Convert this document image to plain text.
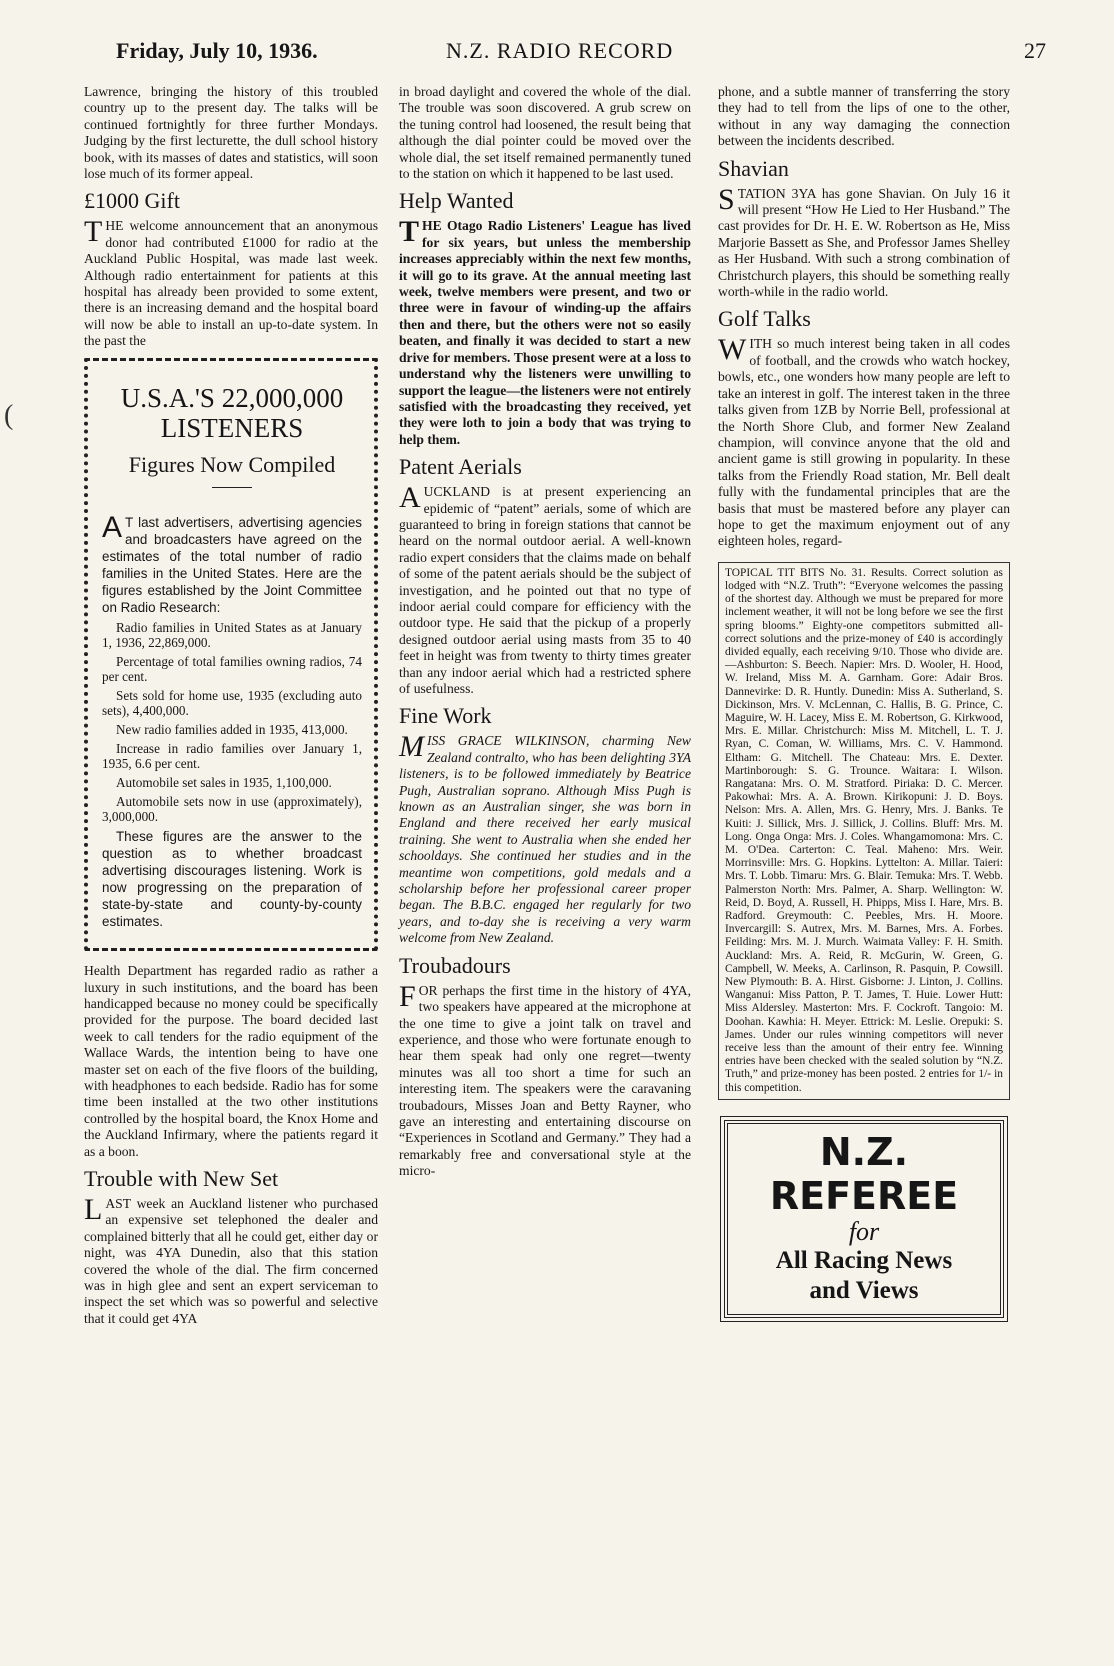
Friday, July 10, 1936.	N.Z. RADIO RECORD	27
(

Lawrence, bringing the history of this troubled country up to the present day. The talks will be continued fortnightly for three further Mondays. Judging by the first lecturette, the dull school history book, with its masses of dates and statistics, will soon lose much of its former appeal.

£1000 Gift

THE welcome announcement that an anonymous donor had contributed £1000 for radio at the Auckland Public Hospital, was made last week. Although radio entertainment for patients at this hospital has already been provided to some extent, there is an increasing demand and the hospital board will now be able to install an up-to-date system. In the past the

U.S.A.'S 22,000,000 LISTENERS
Figures Now Compiled

AT last advertisers, advertising agencies and broadcasters have agreed on the estimates of the total number of radio families in the United States. Here are the figures established by the Joint Committee on Radio Research:

Radio families in United States as at January 1, 1936, 22,869,000.

Percentage of total families owning radios, 74 per cent.

Sets sold for home use, 1935 (excluding auto sets), 4,400,000.

New radio families added in 1935, 413,000.

Increase in radio families over January 1, 1935, 6.6 per cent.

Automobile set sales in 1935, 1,100,000.

Automobile sets now in use (approximately), 3,000,000.

These figures are the answer to the question as to whether broadcast advertising discourages listening. Work is now progressing on the preparation of state-by-state and county-by-county estimates.

Health Department has regarded radio as rather a luxury in such institutions, and the board has been handicapped because no money could be specifically provided for the purpose. The board decided last week to call tenders for the radio equipment of the Wallace Wards, the intention being to have one master set on each of the five floors of the building, with headphones to each bedside. Radio has for some time been installed at the two other institutions controlled by the hospital board, the Knox Home and the Auckland Infirmary, where the patients regard it as a boon.

Trouble with New Set

LAST week an Auckland listener who purchased an expensive set telephoned the dealer and complained bitterly that all he could get, either day or night, was 4YA Dunedin, also that this station covered the whole of the dial. The firm concerned was in high glee and sent an expert serviceman to inspect the set which was so powerful and selective that it could get 4YA

in broad daylight and covered the whole of the dial. The trouble was soon discovered. A grub screw on the tuning control had loosened, the result being that although the dial pointer could be moved over the whole dial, the set itself remained permanently tuned to the station on which it happened to be last used.

Help Wanted

THE Otago Radio Listeners' League has lived for six years, but unless the membership increases appreciably within the next few months, it will go to its grave. At the annual meeting last week, twelve members were present, and two or three were in favour of winding-up the affairs then and there, but the others were not so easily beaten, and finally it was decided to start a new drive for members. Those present were at a loss to understand why the listeners were unwilling to support the league—the listeners were not entirely satisfied with the broadcasting they received, yet they were loth to join a body that was trying to help them.

Patent Aerials

AUCKLAND is at present experiencing an epidemic of “patent” aerials, some of which are guaranteed to bring in foreign stations that cannot be heard on the normal outdoor aerial. A well-known radio expert considers that the claims made on behalf of some of the patent aerials should be the subject of investigation, and he pointed out that no type of indoor aerial could compare for efficiency with the outdoor type. He said that the pickup of a properly designed outdoor aerial using masts from 35 to 40 feet in height was from twenty to thirty times greater than any indoor aerial which had a restricted sphere of usefulness.

Fine Work

MISS GRACE WILKINSON, charming New Zealand contralto, who has been delighting 3YA listeners, is to be followed immediately by Beatrice Pugh, Australian soprano. Although Miss Pugh is known as an Australian singer, she was born in England and there received her early musical training. She went to Australia when she ended her schooldays. She continued her studies and in the meantime won competitions, gold medals and a scholarship before her professional career proper began. The B.B.C. engaged her regularly for two years, and to-day she is receiving a very warm welcome from New Zealand.

Troubadours

FOR perhaps the first time in the history of 4YA, two speakers have appeared at the microphone at the one time to give a joint talk on travel and experience, and those who were fortunate enough to hear them speak had only one regret—twenty minutes was all too short a time for such an interesting item. The speakers were the caravaning troubadours, Misses Joan and Betty Rayner, who gave an interesting and entertaining discourse on “Experiences in Scotland and Germany.” They had a remarkably free and conversational style at the micro-

phone, and a subtle manner of transferring the story they had to tell from the lips of one to the other, without in any way damaging the connection between the incidents described.

Shavian

STATION 3YA has gone Shavian. On July 16 it will present “How He Lied to Her Husband.” The cast provides for Dr. H. E. W. Robertson as He, Miss Marjorie Bassett as She, and Professor James Shelley as Her Husband. With such a strong combination of Christchurch players, this should be something really worth-while in the radio world.

Golf Talks

WITH so much interest being taken in all codes of football, and the crowds who watch hockey, bowls, etc., one wonders how many people are left to take an interest in golf. The interest taken in the three talks given from 1ZB by Norrie Bell, professional at the North Shore Club, and former New Zealand champion, will convince anyone that the old and ancient game is still growing in popularity. In these talks from the Friendly Road station, Mr. Bell dealt fully with the fundamental principles that are the basis that must be mastered before any player can hope to get the maximum enjoyment out of any eighteen holes, regard-

TOPICAL TIT BITS No. 31. Results. Correct solution as lodged with “N.Z. Truth”: “Everyone welcomes the passing of the shortest day. Although we must be prepared for more inclement weather, it will not be long before we see the first spring blooms.” Eighty-one competitors submitted all-correct solutions and the prize-money of £40 is accordingly divided equally, each receiving 9/10. Those who divide are.—Ashburton: S. Beech. Napier: Mrs. D. Wooler, H. Hood, W. Ireland, Miss M. A. Garnham. Gore: Adair Bros. Dannevirke: D. R. Huntly. Dunedin: Miss A. Sutherland, S. Dickinson, Mrs. V. McLennan, C. Hallis, B. G. Prince, C. Maguire, W. H. Lacey, Miss E. M. Robertson, G. Kirkwood, Mrs. E. Millar. Christchurch: Miss M. Mitchell, L. T. J. Ryan, C. Coman, W. Williams, Mrs. C. V. Hammond. Eltham: G. Mitchell. The Chateau: Mrs. E. Dexter. Martinborough: S. G. Trounce. Waitara: I. Wilson. Rangatana: Mrs. O. M. Stratford. Piriaka: D. C. Mercer. Pakowhai: Mrs. A. A. Brown. Kirikopuni: J. D. Boys. Nelson: Mrs. A. Allen, Mrs. G. Henry, Mrs. J. Banks. Te Kuiti: J. Sillick, Mrs. J. Sillick, J. Collins. Bluff: Mrs. M. Long. Onga Onga: Mrs. J. Coles. Whangamomona: Mrs. C. M. O'Dea. Carterton: C. Teal. Maheno: Mrs. Weir. Morrinsville: Mrs. G. Hopkins. Lyttelton: A. Millar. Taieri: Mrs. T. Lobb. Timaru: Mrs. G. Blair. Temuka: Mrs. T. Webb. Palmerston North: Mrs. Palmer, A. Sharp. Wellington: W. Reid, D. Boyd, A. Russell, H. Phipps, Miss I. Hare, Mrs. B. Radford. Greymouth: C. Peebles, Mrs. H. Moore. Invercargill: S. Autrex, Mrs. M. Barnes, Mrs. A. Forbes. Feilding: Mrs. M. J. Murch. Waimata Valley: F. H. Smith. Auckland: Mrs. A. Reid, R. McGurin, W. Green, G. Campbell, W. Meeks, A. Carlinson, R. Pasquin, P. Cowsill. New Plymouth: B. A. Hirst. Gisborne: J. Linton, J. Collins. Wanganui: Miss Patton, P. T. James, T. Huie. Lower Hutt: Miss Aldersley. Masterton: Mrs. F. Cockroft. Tangoio: M. Doohan. Kawhia: H. Meyer. Ettrick: M. Leslie. Orepuki: S. James. Under our rules winning competitors will never receive less than the amount of their entry fee. Winning entries have been checked with the sealed solution by “N.Z. Truth,” and prize-money has been posted. 2 entries for 1/- in this competition.
N.Z. REFEREE
for
All Racing News
and Views
